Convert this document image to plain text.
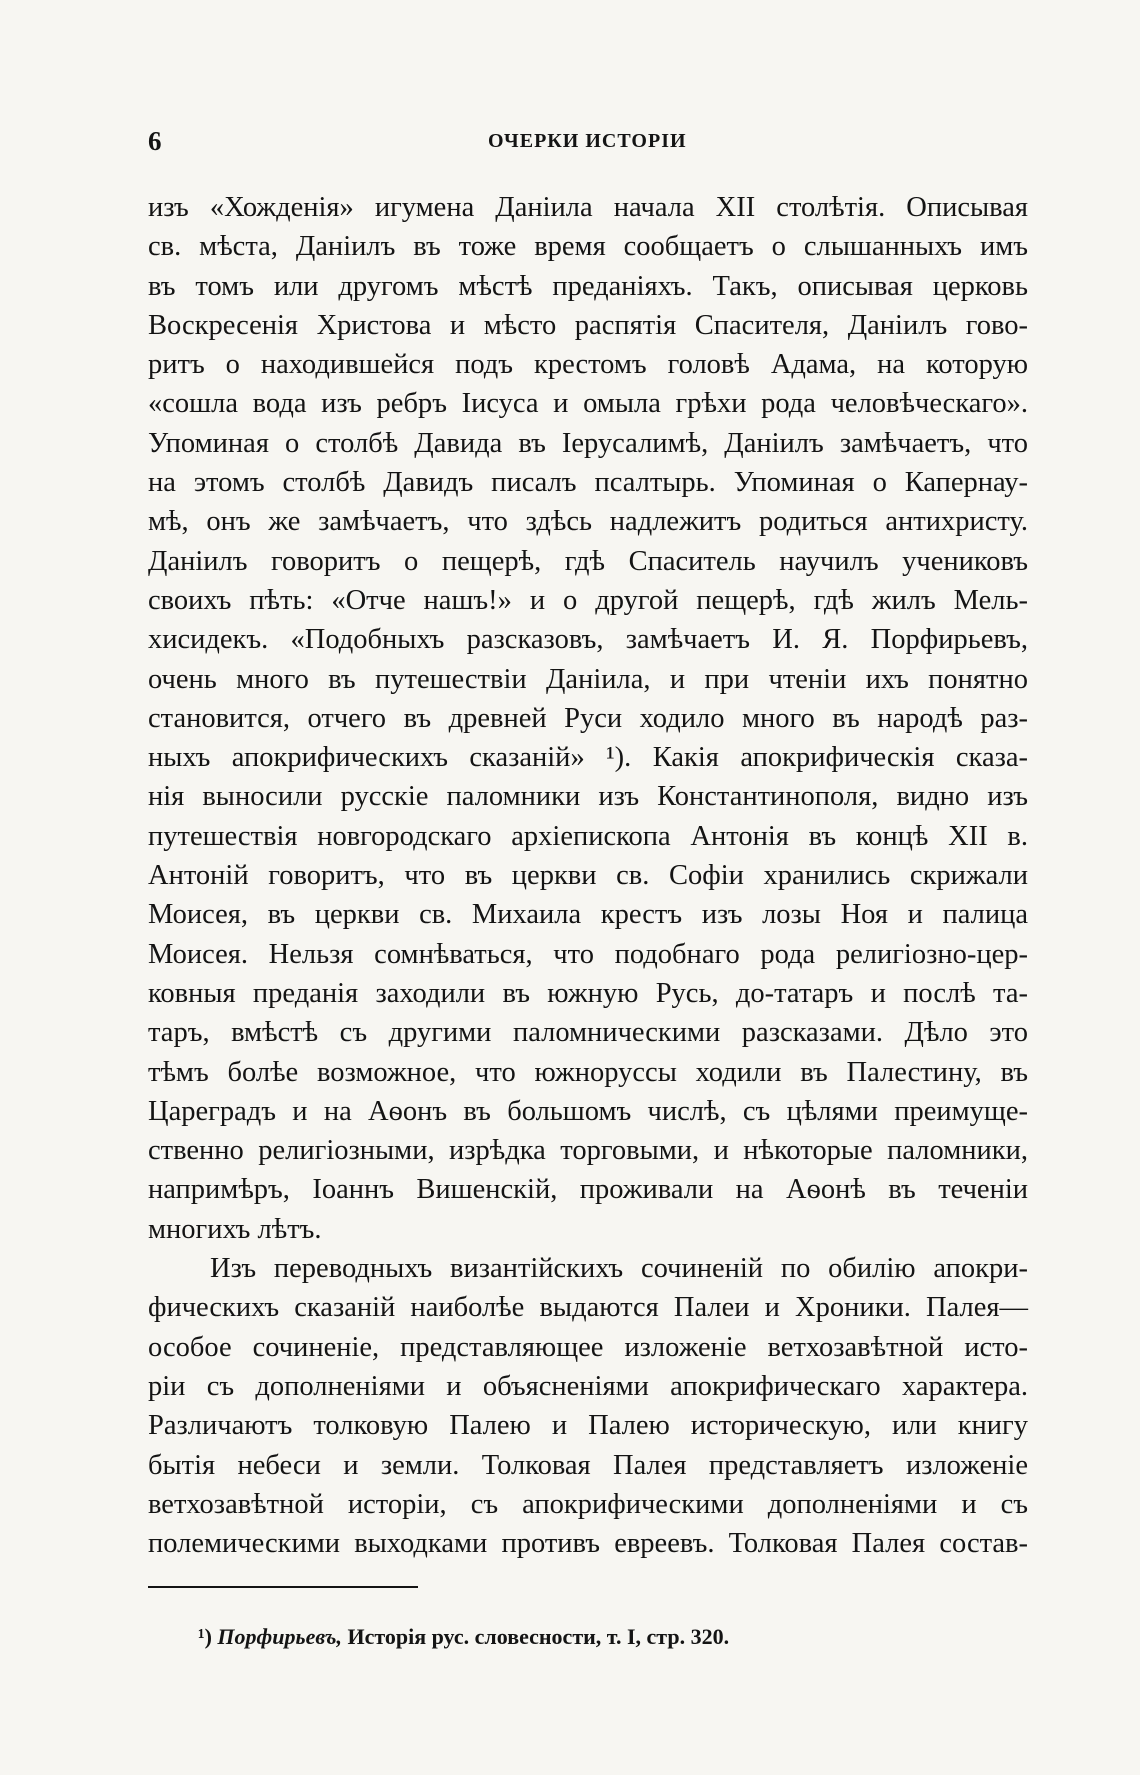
6	ОЧЕРКИ ИСТОРІИ
изъ «Хожденія» игумена Даніила начала XII столѣтія. Описывая
св. мѣста, Даніилъ въ тоже время сообщаетъ о слышанныхъ имъ
въ томъ или другомъ мѣстѣ преданіяхъ. Такъ, описывая церковь
Воскресенія Христова и мѣсто распятія Спасителя, Даніилъ гово-
ритъ о находившейся подъ крестомъ головѣ Адама, на которую
«сошла вода изъ ребръ Іисуса и омыла грѣхи рода человѣческаго».
Упоминая о столбѣ Давида въ Іерусалимѣ, Даніилъ замѣчаетъ, что
на этомъ столбѣ Давидъ писалъ псалтырь. Упоминая о Капернау-
мѣ, онъ же замѣчаетъ, что здѣсь надлежитъ родиться антихристу.
Даніилъ говоритъ о пещерѣ, гдѣ Спаситель научилъ учениковъ
своихъ пѣть: «Отче нашъ!» и о другой пещерѣ, гдѣ жилъ Мель-
хисидекъ. «Подобныхъ разсказовъ, замѣчаетъ И. Я. Порфирьевъ,
очень много въ путешествіи Даніила, и при чтеніи ихъ понятно
становится, отчего въ древней Руси ходило много въ народѣ раз-
ныхъ апокрифическихъ сказаній» ¹). Какія апокрифическія сказа-
нія выносили русскіе паломники изъ Константинополя, видно изъ
путешествія новгородскаго архіепископа Антонія въ концѣ XII в.
Антоній говоритъ, что въ церкви св. Софіи хранились скрижали
Моисея, въ церкви св. Михаила крестъ изъ лозы Ноя и палица
Моисея. Нельзя сомнѣваться, что подобнаго рода религіозно-цер-
ковныя преданія заходили въ южную Русь, до-татаръ и послѣ та-
таръ, вмѣстѣ съ другими паломническими разсказами. Дѣло это
тѣмъ болѣе возможное, что южноруссы ходили въ Палестину, въ
Цареградъ и на Аѳонъ въ большомъ числѣ, съ цѣлями преимуще-
ственно религіозными, изрѣдка торговыми, и нѣкоторые паломники,
напримѣръ, Іоаннъ Вишенскій, проживали на Аѳонѣ въ теченіи
многихъ лѣтъ.
Изъ переводныхъ византійскихъ сочиненій по обилію апокри-
фическихъ сказаній наиболѣе выдаются Палеи и Хроники. Палея—
особое сочиненіе, представляющее изложеніе ветхозавѣтной исто-
ріи съ дополненіями и объясненіями апокрифическаго характера.
Различаютъ толковую Палею и Палею историческую, или книгу
бытія небеси и земли. Толковая Палея представляетъ изложеніе
ветхозавѣтной исторіи, съ апокрифическими дополненіями и съ
полемическими выходками противъ евреевъ. Толковая Палея состав-
¹) Порфирьевъ, Исторія рус. словесности, т. I, стр. 320.
